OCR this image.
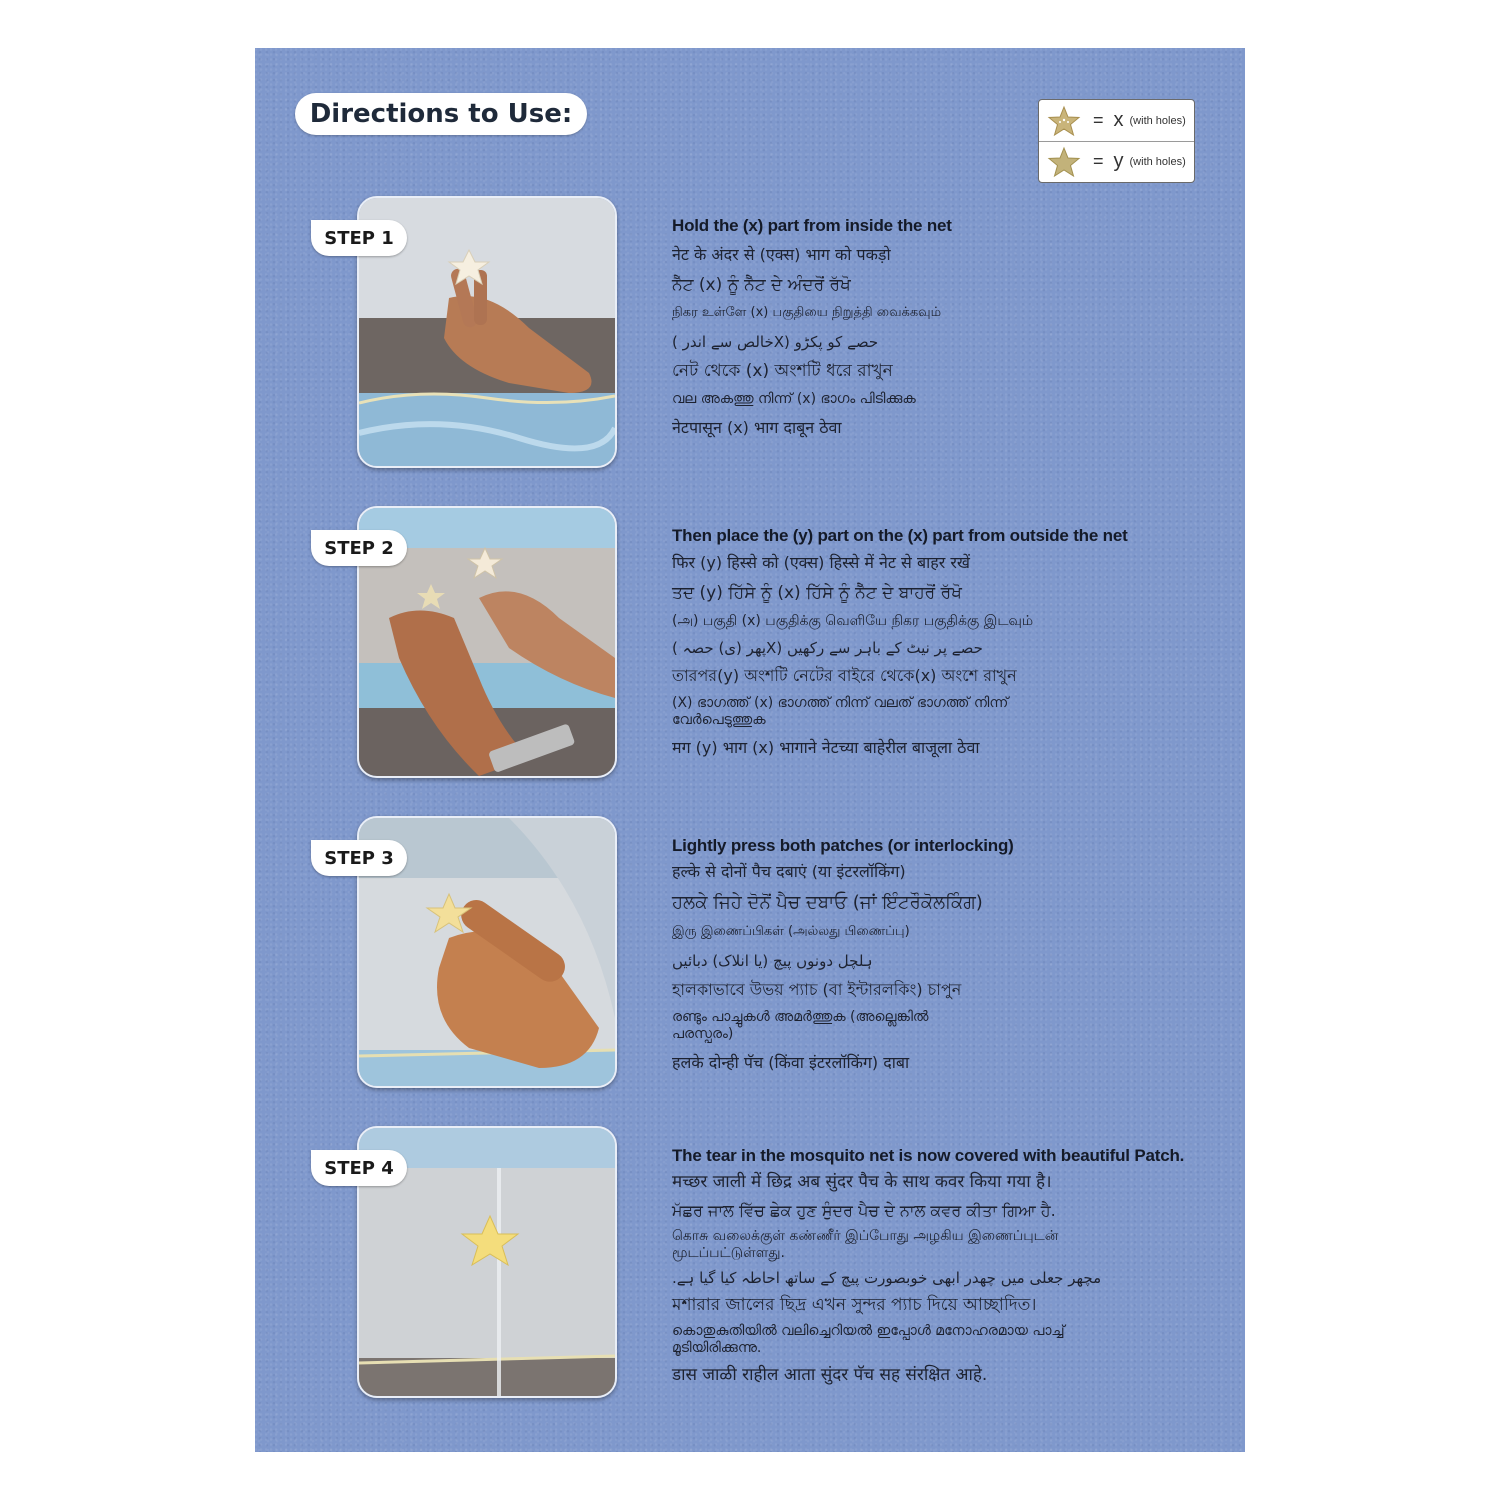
Directions to Use:	= x (with holes)
= y (with holes)
STEP 1

Hold the (x) part from inside the net

नेट के अंदर से (एक्स) भाग को पकड़ो

ਨੈੱਟ (x) ਨੂੰ ਨੈੱਟ ਦੇ ਅੰਦਰੋਂ ਰੱਖੋ

நிகர உள்ளே (x) பகுதியை நிறுத்தி வைக்கவும்

حصے کو پکڑو (Xخالص سے اندر )

নেট থেকে (x) অংশটি ধরে রাখুন

വല അകത്തു നിന്ന് (x) ഭാഗം പിടിക്കുക

नेटपासून (x) भाग दाबून ठेवा

STEP 2

Then place the (y) part on the (x) part from outside the net

फिर (y) हिस्से को (एक्स) हिस्से में नेट से बाहर रखें

ਤਦ (y) ਹਿੱਸੇ ਨੂੰ (x) ਹਿੱਸੇ ਨੂੰ ਨੈੱਟ ਦੇ ਬਾਹਰੋਂ ਰੱਖੋ

(அ) பகுதி (x) பகுதிக்கு வெளியே நிகர பகுதிக்கு இடவும்

حصے پر نیٹ کے باہر سے رکھیں (Xپھر (ی) حصہ )

তারপর(y) অংশটি নেটের বাইরে থেকে(x) অংশে রাখুন

(X) ഭാഗത്ത് (x) ഭാഗത്ത് നിന്ന് വലത് ഭാഗത്ത് നിന്ന് വേർപെടുത്തുക

मग (y) भाग (x) भागाने नेटच्या बाहेरील बाजूला ठेवा

STEP 3

Lightly press both patches (or interlocking)

हल्के से दोनों पैच दबाएं (या इंटरलॉकिंग)

ਹਲਕੇ ਜਿਹੇ ਦੋਨੋਂ ਪੈਚ ਦਬਾਓ (ਜਾਂ ਇੰਟਰੌਕੋਲਕਿੰਗ)

இரு இணைப்பிகள் (அல்லது பிணைப்பு)

ہلچل دونوں پیچ (یا انلاک) دبائیں

হালকাভাবে উভয় প্যাচ (বা ইন্টারলকিং) চাপুন

രണ്ടും പാച്ചുകൾ അമർത്തുക (അല്ലെങ്കിൽ പരസ്പരം)

हलके दोन्ही पॅच (किंवा इंटरलॉकिंग) दाबा

STEP 4

The tear in the mosquito net is now covered with beautiful Patch.

मच्छर जाली में छिद्र अब सुंदर पैच के साथ कवर किया गया है।

ਮੱਛਰ ਜਾਲ ਵਿੱਚ ਛੇਕ ਹੁਣ ਸੁੰਦਰ ਪੈਚ ਦੇ ਨਾਲ ਕਵਰ ਕੀਤਾ ਗਿਆ ਹੈ.

கொசு வலைக்குள் கண்ணீர் இப்போது அழகிய இணைப்புடன் மூடப்பட்டுள்ளது.

مچھر جعلی میں چھدر ابھی خوبصورت پیچ کے ساتھ احاطہ کیا گیا ہے.

মশারার জালের ছিদ্র এখন সুন্দর প্যাচ দিয়ে আচ্ছাদিত।

കൊതുകുതിയിൽ വലിച്ചെറിയൽ ഇപ്പോൾ മനോഹരമായ പാച്ച് മൂടിയിരിക്കുന്നു.

डास जाळी राहील आता सुंदर पॅच सह संरक्षित आहे.
